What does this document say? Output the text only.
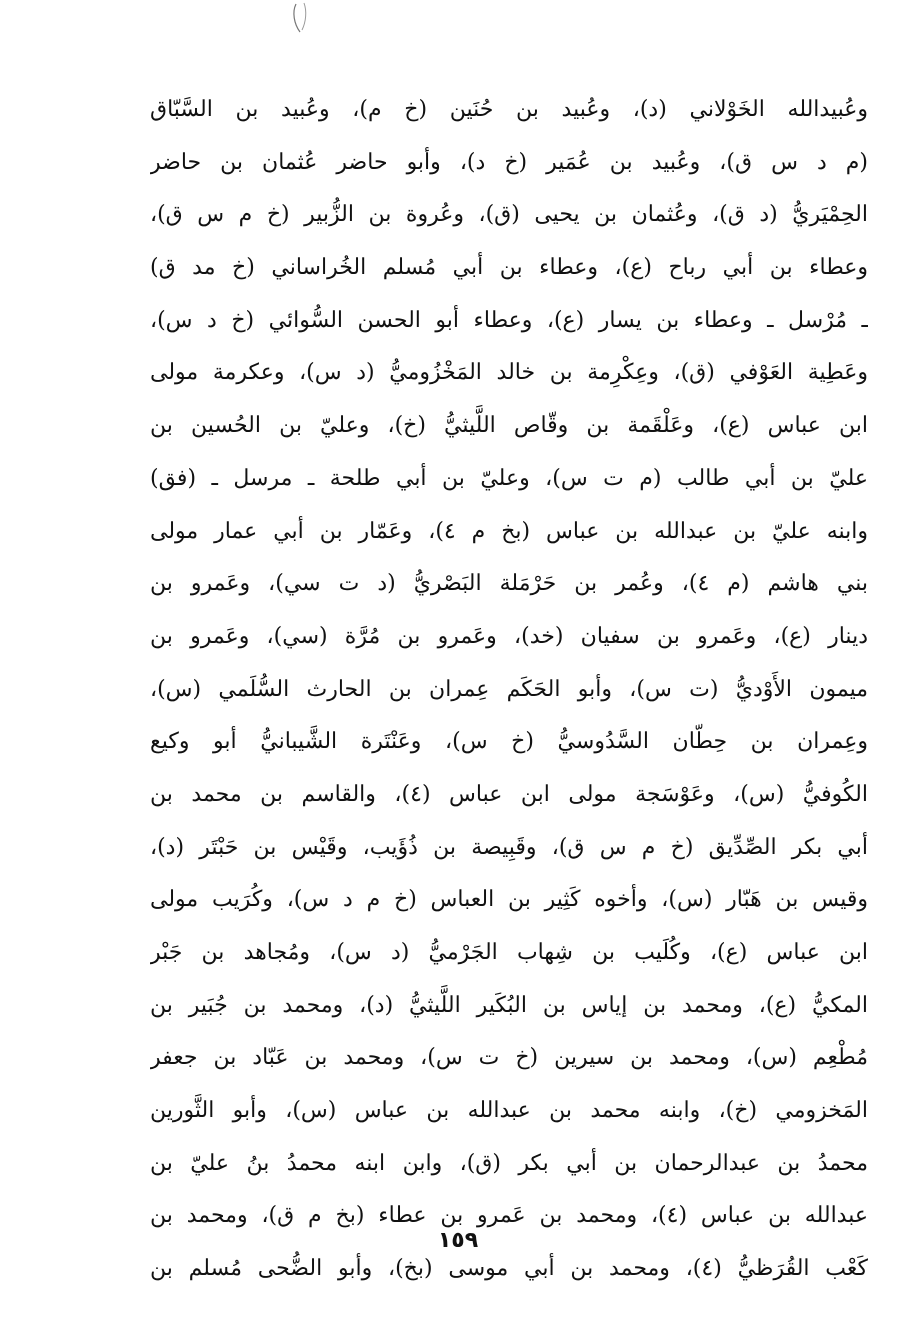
وعُبيدالله الخَوْلاني (د)، وعُبيد بن حُنَين (خ م)، وعُبيد بن السَّبّاق
(م د س ق)، وعُبيد بن عُمَير (خ د)، وأبو حاضر عُثمان بن حاضر
الحِمْيَريُّ (د ق)، وعُثمان بن يحيى (ق)، وعُروة بن الزُّبير (خ م س ق)،
وعطاء بن أبي رباح (ع)، وعطاء بن أبي مُسلم الخُراساني (خ مد ق)
ـ مُرْسل ـ وعطاء بن يسار (ع)، وعطاء أبو الحسن السُّوائي (خ د س)،
وعَطِية العَوْفي (ق)، وعِكْرِمة بن خالد المَخْزُوميُّ (د س)، وعكرمة مولى
ابن عباس (ع)، وعَلْقَمة بن وقّاص اللَّيثيُّ (خ)، وعليّ بن الحُسين بن
عليّ بن أبي طالب (م ت س)، وعليّ بن أبي طلحة ـ مرسل ـ (فق)
وابنه عليّ بن عبدالله بن عباس (بخ م ٤)، وعَمّار بن أبي عمار مولى
بني هاشم (م ٤)، وعُمر بن حَرْمَلة البَصْريُّ (د ت سي)، وعَمرو بن
دينار (ع)، وعَمرو بن سفيان (خد)، وعَمرو بن مُرَّة (سي)، وعَمرو بن
ميمون الأَوْديُّ (ت س)، وأبو الحَكَم عِمران بن الحارث السُّلَمي (س)،
وعِمران بن حِطّان السَّدُوسيُّ (خ س)، وعَنْتَرة الشَّيبانيُّ أبو وكيع
الكُوفيُّ (س)، وعَوْسَجة مولى ابن عباس (٤)، والقاسم بن محمد بن
أبي بكر الصِّدِّيق (خ م س ق)، وقَبِيصة بن ذُؤَيب، وقَيْس بن حَبْتَر (د)،
وقيس بن هَبّار (س)، وأخوه كَثِير بن العباس (خ م د س)، وكُرَيب مولى
ابن عباس (ع)، وكُلَيب بن شِهاب الجَرْميُّ (د س)، ومُجاهد بن جَبْر
المكيُّ (ع)، ومحمد بن إياس بن البُكَير اللَّيثيُّ (د)، ومحمد بن جُبَير بن
مُطْعِم (س)، ومحمد بن سيرين (خ ت س)، ومحمد بن عَبّاد بن جعفر
المَخزومي (خ)، وابنه محمد بن عبدالله بن عباس (س)، وأبو الثَّورين
محمدُ بن عبدالرحمان بن أبي بكر (ق)، وابن ابنه محمدُ بنُ عليّ بن
عبدالله بن عباس (٤)، ومحمد بن عَمرو بن عطاء (بخ م ق)، ومحمد بن
كَعْب القُرَظيُّ (٤)، ومحمد بن أبي موسى (بخ)، وأبو الضُّحى مُسلم بن
١٥٩
